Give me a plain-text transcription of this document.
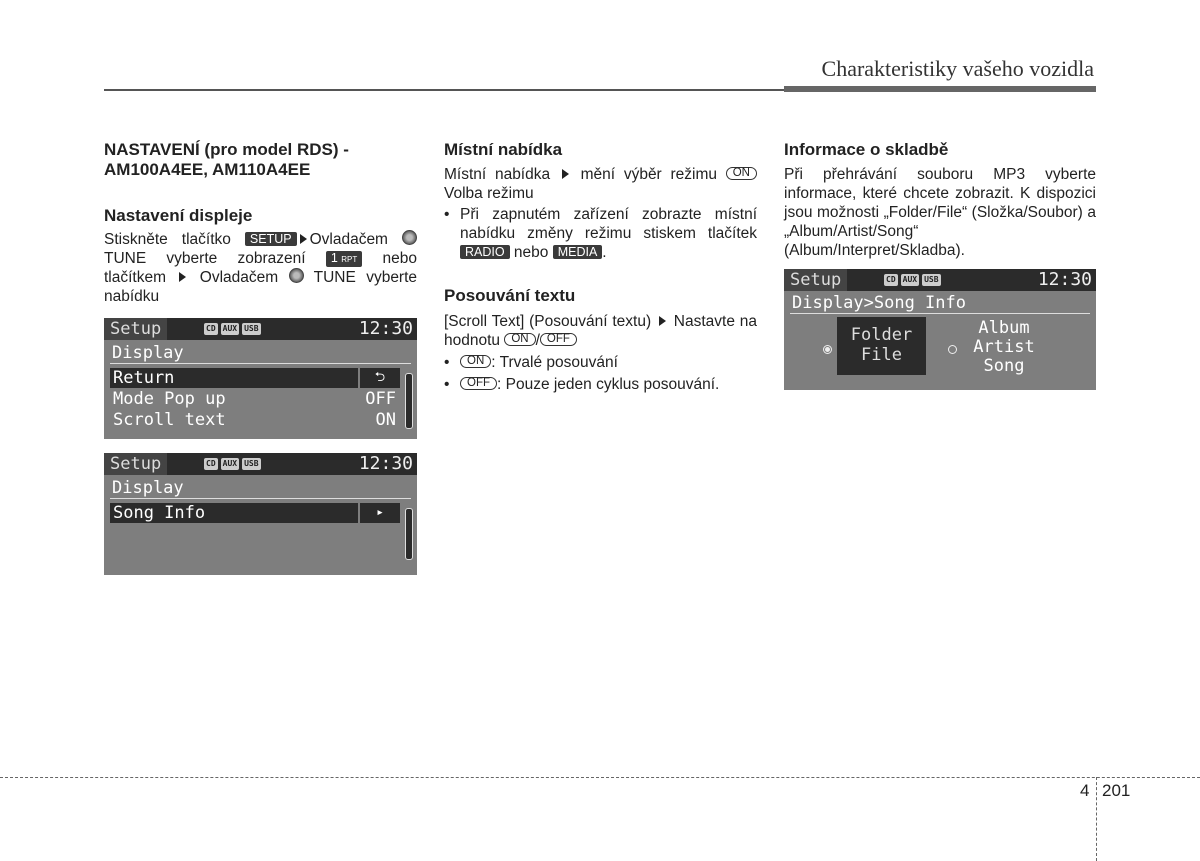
Charakteristiky vašeho vozidla
NASTAVENÍ (pro model RDS) - AM100A4EE, AM110A4EE
Nastavení displeje

Stiskněte tlačítko SETUP Ovladačem  TUNE vyberte zobrazení 1 RPT nebo tlačítkem Ovladačem TUNE vyberte nabídku

Setup	CD AUX USB	12:30
Display
Return	⮌
Mode Pop up	OFF
Scroll text	ON
Setup	CD AUX USB	12:30
Display
Song Info	▸
Místní nabídka

Místní nabídka mění výběr režimu ON Volba režimu

• Při zapnutém zařízení zobrazte místní nabídku změny režimu stiskem tlačítek RADIO nebo MEDIA .
Posouvání textu

[Scroll Text] (Posouvání textu) Nastavte na hodnotu ON / OFF

• ON : Trvalé posouvání
• OFF : Pouze jeden cyklus posouvání.
Informace o skladbě

Při přehrávání souboru MP3 vyberte informace, které chcete zobrazit. K dispozici jsou možnosti „Folder/File“ (Složka/Soubor) a „Album/Artist/Song“ (Album/Interpret/Skladba).

Setup	CD AUX USB	12:30
Display>Song Info
Folder
File
Album
Artist
Song
4 201
